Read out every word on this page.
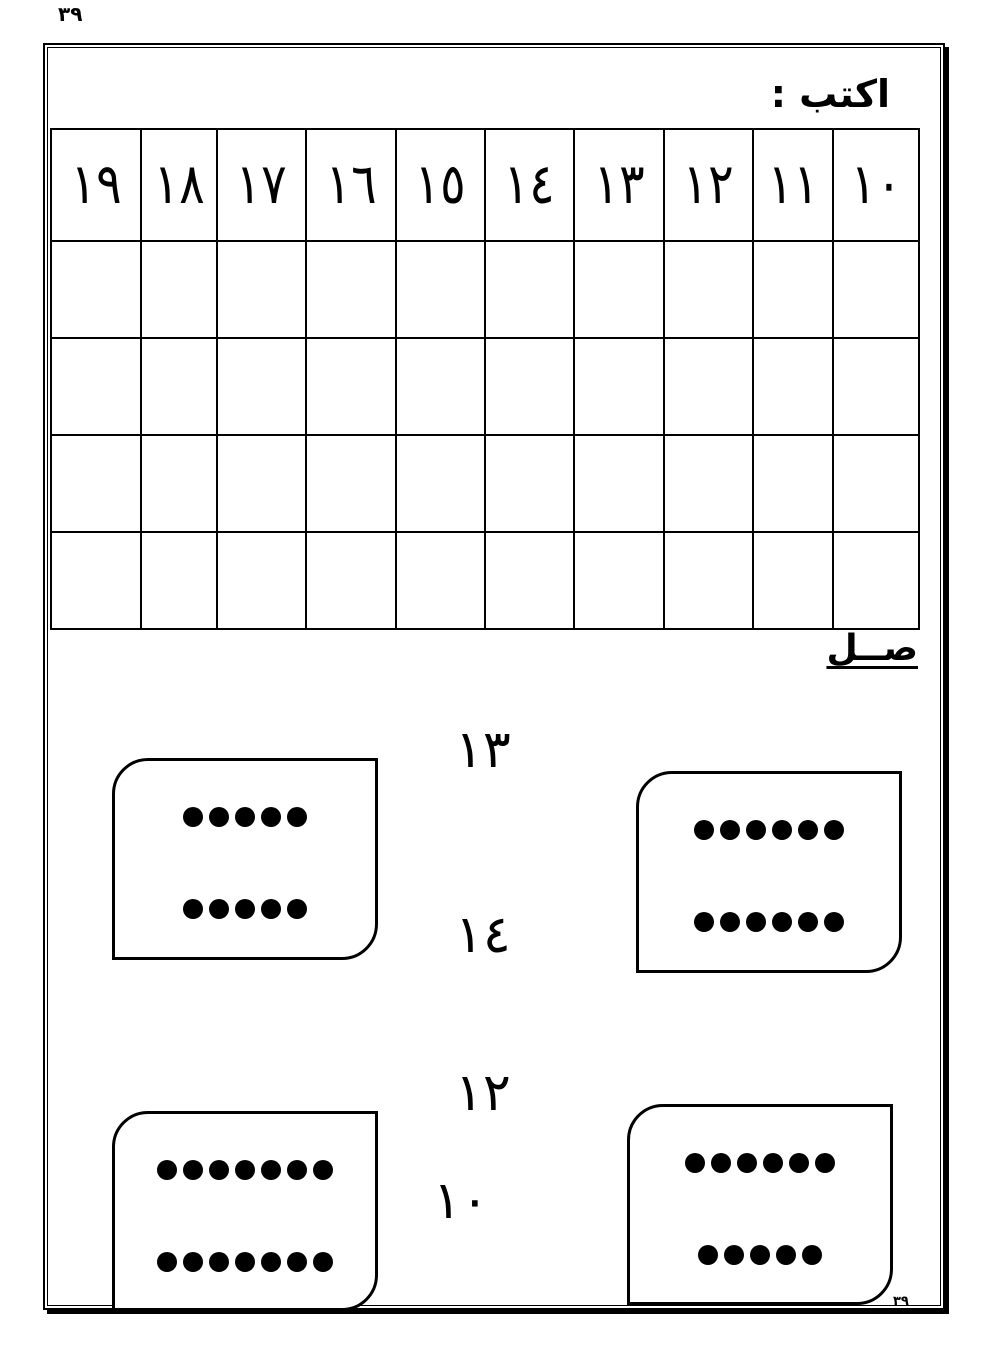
٣٩
اكتب :
١٩	١٨	١٧	١٦	١٥	١٤	١٣	١٢	١١	١٠

صــل
١٣
١٤
١٢
١٠
٣٩
